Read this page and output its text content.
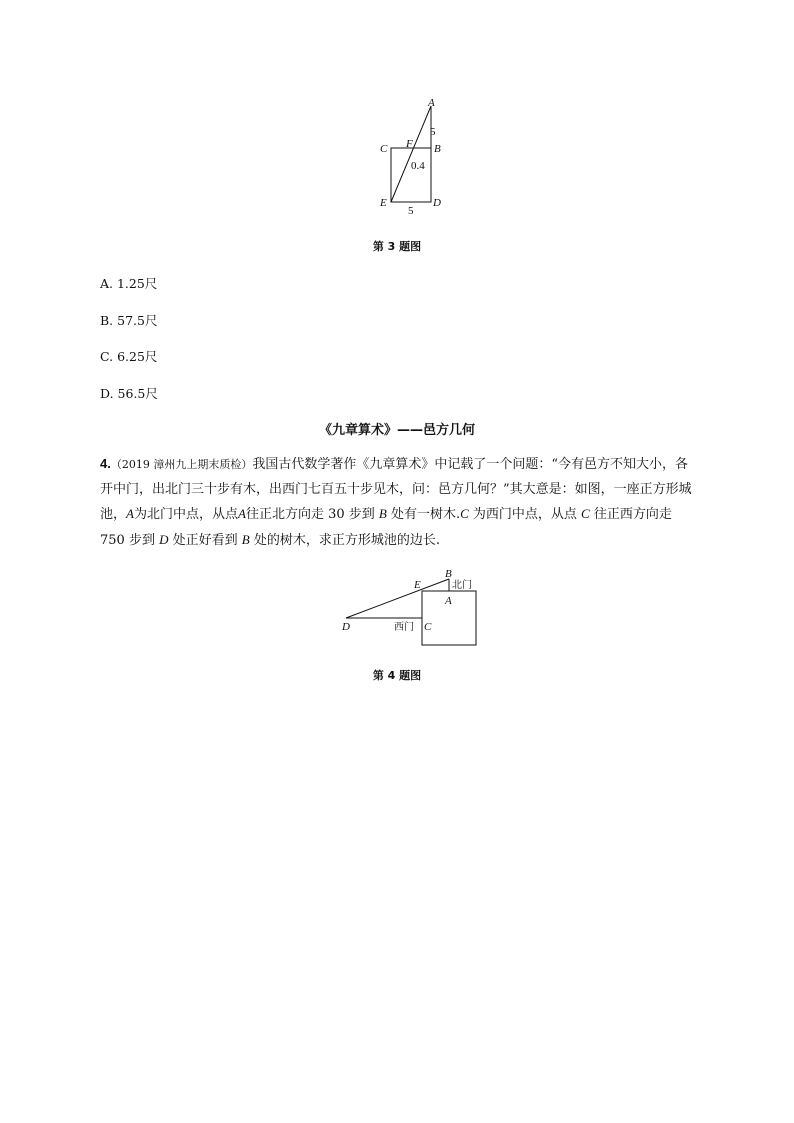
A
5
C F B
0.4
E	D
5
第 3 题图
A. 1.25尺
B. 57.5尺
C. 6.25尺
D. 56.5尺
《九章算术》——邑方几何
4.（2019 漳州九上期末质检）我国古代数学著作《九章算术》中记载了一个问题：“今有邑方不知大小，各开中门，出北门三十步有木，出西门七百五十步见木，问：邑方几何？”其大意是：如图，一座正方形城池，A为北门中点，从点A往正北方向走 30 步到 B 处有一树木.C 为西门中点，从点 C 往正西方向走 750 步到 D 处正好看到 B 处的树木，求正方形城池的边长.
B
E	北门
A
D	西门 C
第 4 题图
